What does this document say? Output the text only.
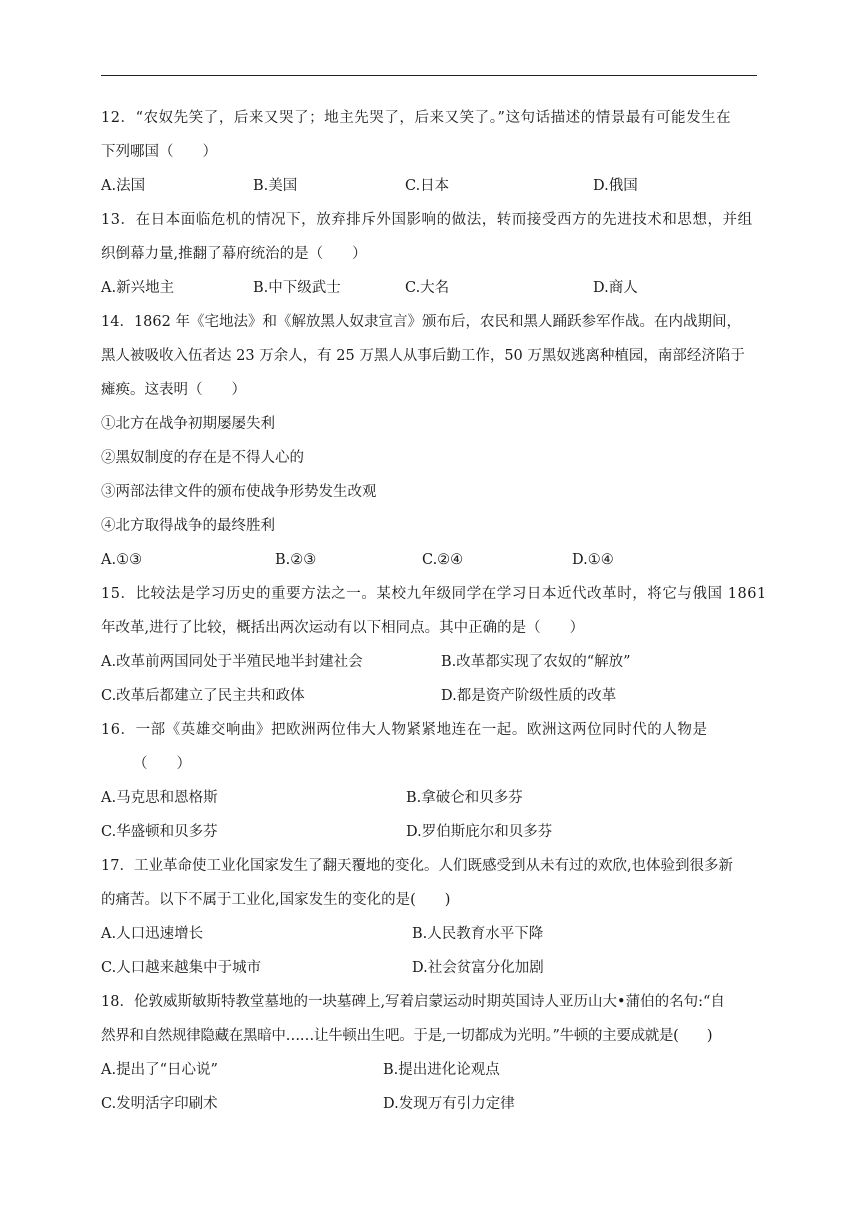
12．“农奴先笑了，后来又哭了；地主先哭了，后来又笑了。”这句话描述的情景最有可能发生在
下列哪国（　　）
A.法国	B.美国	C.日本	D.俄国
13．在日本面临危机的情况下，放弃排斥外国影响的做法，转而接受西方的先进技术和思想，并组
织倒幕力量,推翻了幕府统治的是（　　）
A.新兴地主	B.中下级武士	C.大名	D.商人
14．1862 年《宅地法》和《解放黑人奴隶宣言》颁布后，农民和黑人踊跃参军作战。在内战期间，
黑人被吸收入伍者达 23 万余人，有 25 万黑人从事后勤工作，50 万黑奴逃离种植园，南部经济陷于
瘫痪。这表明（　　）
①北方在战争初期屡屡失利
②黑奴制度的存在是不得人心的
③两部法律文件的颁布使战争形势发生改观
④北方取得战争的最终胜利
A.①③	B.②③	C.②④	D.①④
15．比较法是学习历史的重要方法之一。某校九年级同学在学习日本近代改革时，将它与俄国 1861
年改革,进行了比较，概括出两次运动有以下相同点。其中正确的是（　　）
A.改革前两国同处于半殖民地半封建社会	B.改革都实现了农奴的“解放”
C.改革后都建立了民主共和政体	D.都是资产阶级性质的改革
16．一部《英雄交响曲》把欧洲两位伟大人物紧紧地连在一起。欧洲这两位同时代的人物是
（　　）
A.马克思和恩格斯	B.拿破仑和贝多芬
C.华盛顿和贝多芬	D.罗伯斯庇尔和贝多芬
17．工业革命使工业化国家发生了翻天覆地的变化。人们既感受到从未有过的欢欣,也体验到很多新
的痛苦。以下不属于工业化,国家发生的变化的是(　　)
A.人口迅速增长	B.人民教育水平下降
C.人口越来越集中于城市	D.社会贫富分化加剧
18．伦敦威斯敏斯特教堂墓地的一块墓碑上,写着启蒙运动时期英国诗人亚历山大•蒲伯的名句:“自
然界和自然规律隐藏在黑暗中……让牛顿出生吧。于是,一切都成为光明。”牛顿的主要成就是(　　)
A.提出了“日心说”	B.提出进化论观点
C.发明活字印刷术	D.发现万有引力定律
